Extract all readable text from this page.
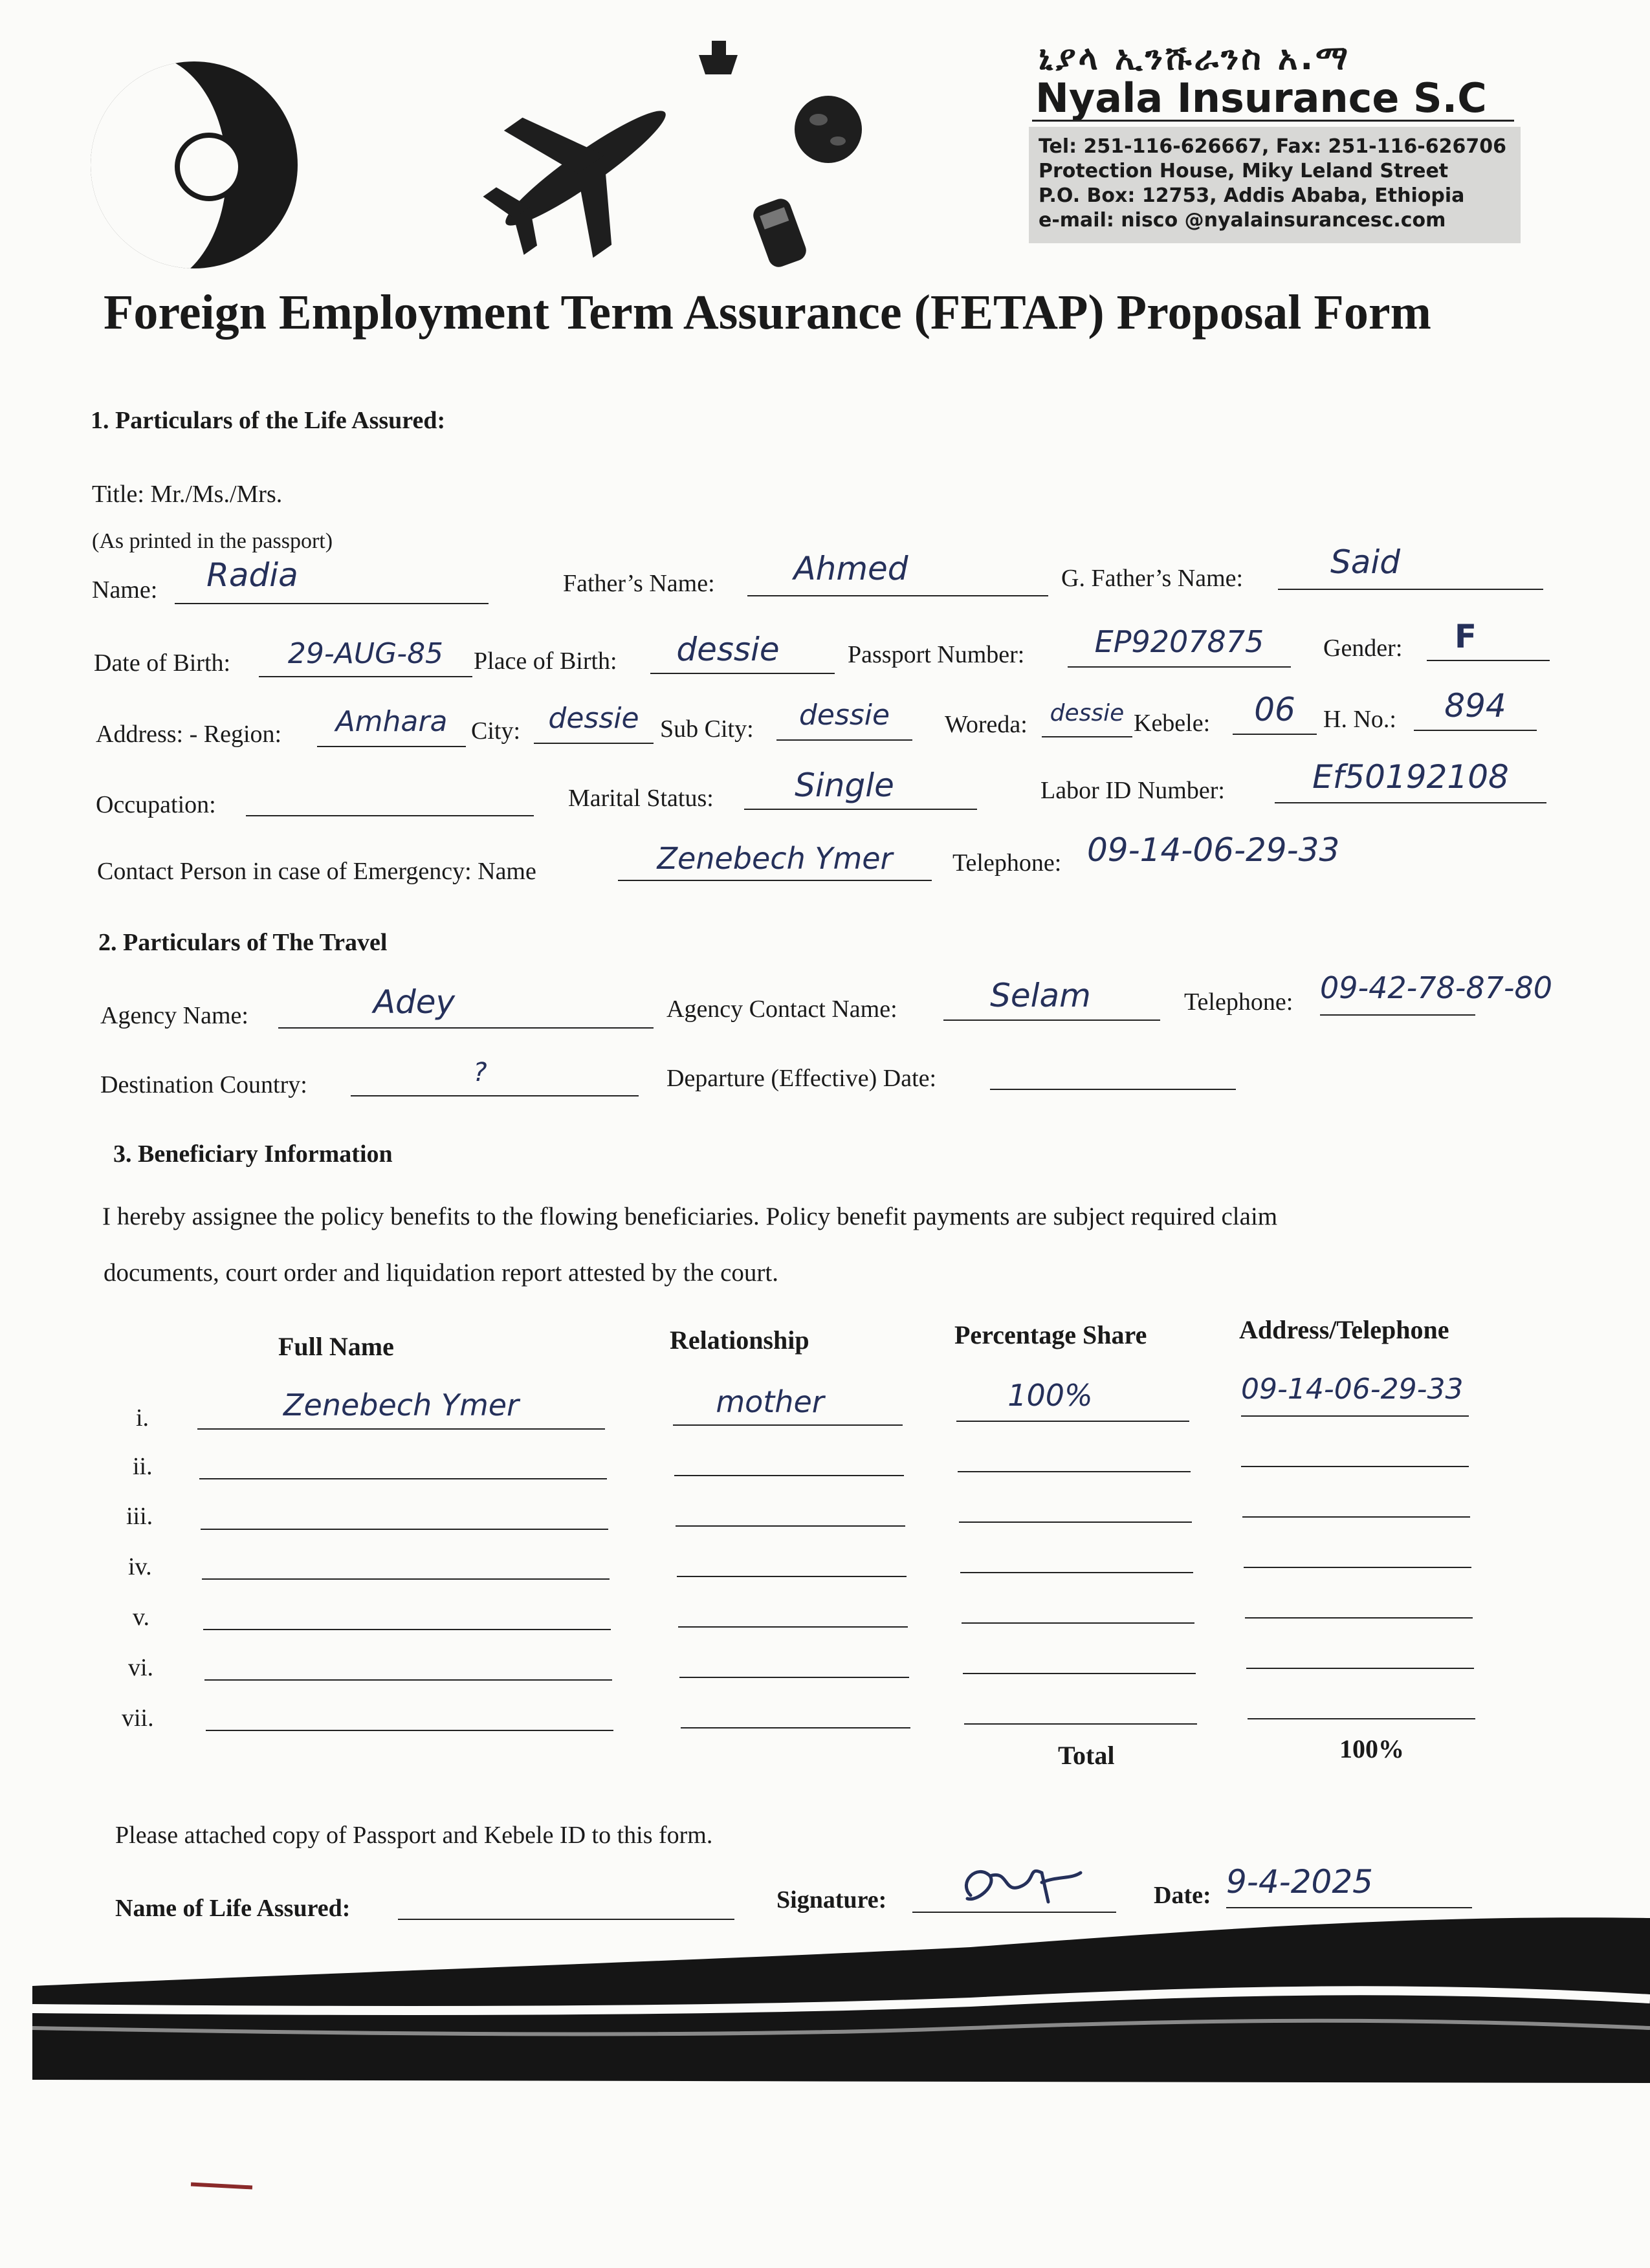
ኒያላ ኢንሹራንስ አ.ማ
Nyala Insurance S.C
Tel: 251-116-626667, Fax: 251-116-626706
Protection House, Miky Leland Street
P.O. Box: 12753, Addis Ababa, Ethiopia
e-mail: nisco @nyalainsurancesc.com
Foreign Employment Term Assurance (FETAP) Proposal Form
1. Particulars of the Life Assured:
Title: Mr./Ms./Mrs.
(As printed in the passport)
Name:	Radia	Father’s Name:	Ahmed	G. Father’s Name:	Said
Date of Birth:	29-AUG-85	Place of Birth:	dessie	Passport Number:	EP9207875	Gender:	F
Address: - Region:	Amhara City: dessie Sub City:	dessie	Woreda: dessie Kebele:	06	H. No.:	894
Occupation:	Marital Status:	Single	Labor ID Number:	Ef50192108
Contact Person in case of Emergency: Name	Zenebech Ymer	Telephone: 09-14-06-29-33
2. Particulars of The Travel
Agency Name:	Adey	Agency Contact Name:	Selam	Telephone: 09-42-78-87-80
Destination Country:	?	Departure (Effective) Date:
3. Beneficiary Information
I hereby assignee the policy benefits to the flowing beneficiaries. Policy benefit payments are subject required claim
documents, court order and liquidation report attested by the court.
Full Name	Relationship	Percentage Share	Address/Telephone
i.	Zenebech Ymer	mother	100%	09-14-06-29-33
ii.
iii.
iv.
v.
vi.
vii.
Total	100%
Please attached copy of Passport and Kebele ID to this form.
Name of Life Assured:	Signature:	Date: 9-4-2025
